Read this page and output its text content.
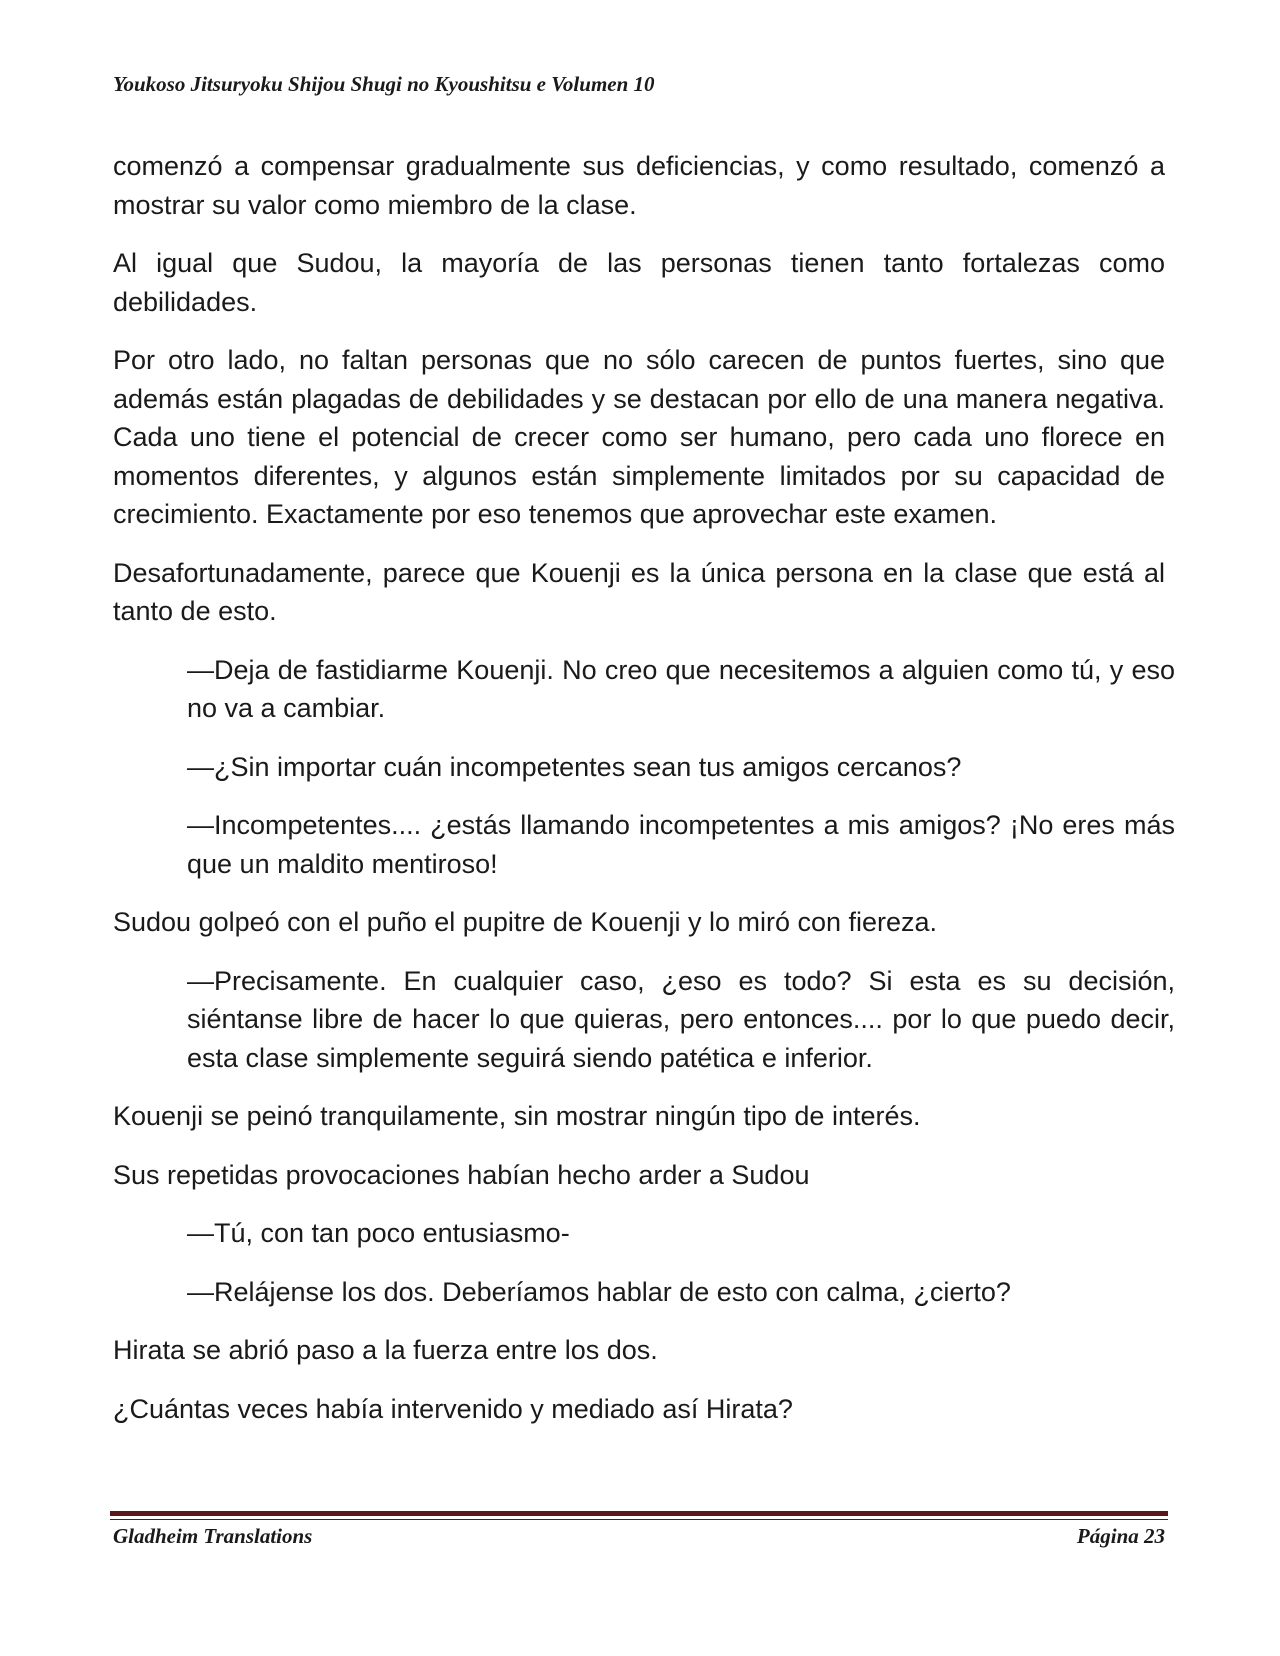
Youkoso Jitsuryoku Shijou Shugi no Kyoushitsu e Volumen 10

comenzó a compensar gradualmente sus deficiencias, y como resultado, comenzó a mostrar su valor como miembro de la clase.

Al igual que Sudou, la mayoría de las personas tienen tanto fortalezas como debilidades.

Por otro lado, no faltan personas que no sólo carecen de puntos fuertes, sino que además están plagadas de debilidades y se destacan por ello de una manera negativa. Cada uno tiene el potencial de crecer como ser humano, pero cada uno florece en momentos diferentes, y algunos están simplemente limitados por su capacidad de crecimiento. Exactamente por eso tenemos que aprovechar este examen.

Desafortunadamente, parece que Kouenji es la única persona en la clase que está al tanto de esto.

—Deja de fastidiarme Kouenji. No creo que necesitemos a alguien como tú, y eso no va a cambiar.

—¿Sin importar cuán incompetentes sean tus amigos cercanos?

—Incompetentes.... ¿estás llamando incompetentes a mis amigos? ¡No eres más que un maldito mentiroso!

Sudou golpeó con el puño el pupitre de Kouenji y lo miró con fiereza.

—Precisamente. En cualquier caso, ¿eso es todo? Si esta es su decisión, siéntanse libre de hacer lo que quieras, pero entonces.... por lo que puedo decir, esta clase simplemente seguirá siendo patética e inferior.

Kouenji se peinó tranquilamente, sin mostrar ningún tipo de interés.

Sus repetidas provocaciones habían hecho arder a Sudou

—Tú, con tan poco entusiasmo-

—Relájense los dos. Deberíamos hablar de esto con calma, ¿cierto?

Hirata se abrió paso a la fuerza entre los dos.

¿Cuántas veces había intervenido y mediado así Hirata?

Gladheim Translations	Página 23
